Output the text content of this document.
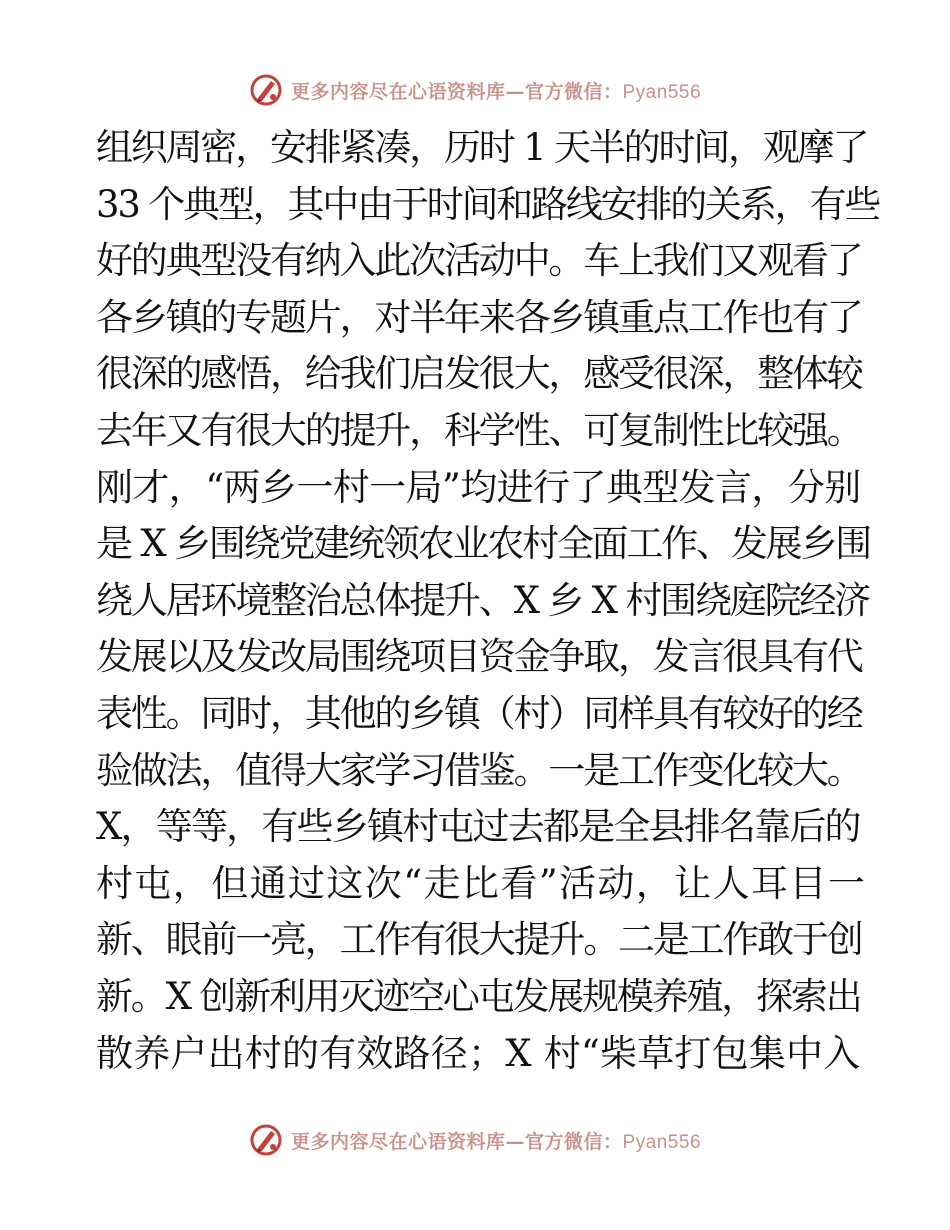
更多内容尽在心语资料库—官方微信：Pyan556
组织周密，安排紧凑，历时 1 天半的时间，观摩了
33 个典型，其中由于时间和路线安排的关系，有些
好的典型没有纳入此次活动中。车上我们又观看了
各乡镇的专题片，对半年来各乡镇重点工作也有了
很深的感悟，给我们启发很大，感受很深，整体较
去年又有很大的提升，科学性、可复制性比较强。
刚才，“两乡一村一局”均进行了典型发言，分别
是 X 乡围绕党建统领农业农村全面工作、发展乡围
绕人居环境整治总体提升、X 乡 X 村围绕庭院经济
发展以及发改局围绕项目资金争取，发言很具有代
表性。同时，其他的乡镇（村）同样具有较好的经
验做法，值得大家学习借鉴。一是工作变化较大。
X，等等，有些乡镇村屯过去都是全县排名靠后的
村屯，但通过这次“走比看”活动，让人耳目一
新、眼前一亮，工作有很大提升。二是工作敢于创
新。X 创新利用灭迹空心屯发展规模养殖，探索出
散养户出村的有效路径；X 村“柴草打包集中入
更多内容尽在心语资料库—官方微信：Pyan556
